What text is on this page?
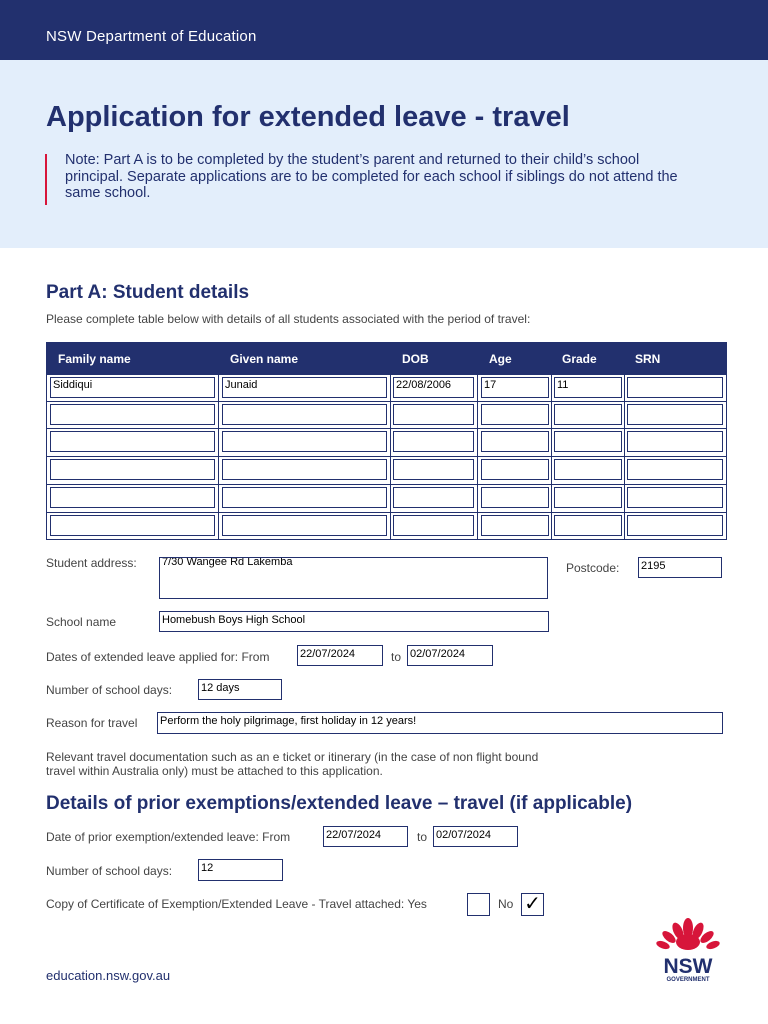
NSW Department of Education
Application for extended leave - travel
Note: Part A is to be completed by the student’s parent and returned to their child’s school principal. Separate applications are to be completed for each school if siblings do not attend the same school.
Part A: Student details
Please complete table below with details of all students associated with the period of travel:
Family name	Given name	DOB	Age	Grade	SRN
Siddiqui	Junaid	22/08/2006	17	11
Student address: 7/30 Wangee Rd Lakemba	Postcode: 2195
School name	Homebush Boys High School
Dates of extended leave applied for: From	22/07/2024	to 02/07/2024
Number of school days:	12 days
Reason for travel Perform the holy pilgrimage, first holiday in 12 years!
Relevant travel documentation such as an e ticket or itinerary (in the case of non flight bound
travel within Australia only) must be attached to this application.
Details of prior exemptions/extended leave – travel (if applicable)
Date of prior exemption/extended leave: From	22/07/2024	to 02/07/2024
Number of school days:	12
Copy of Certificate of Exemption/Extended Leave - Travel attached: Yes	No ✓
education.nsw.gov.au	NSW
GOVERNMENT
